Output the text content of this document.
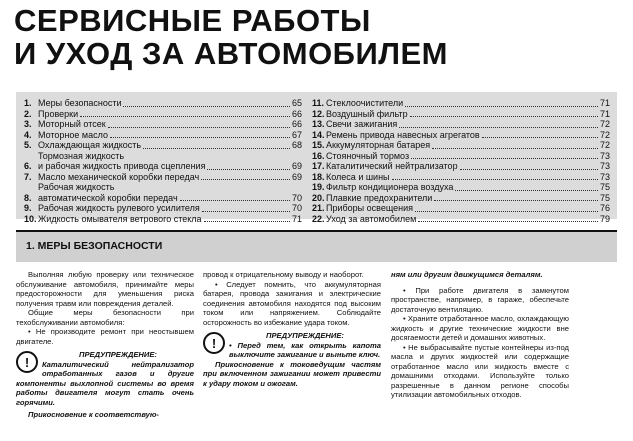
СЕРВИСНЫЕ РАБОТЫ
И УХОД ЗА АВТОМОБИЛЕМ
1. Меры безопасности	65
2. Проверки	66
3. Моторный отсек	66
4. Моторное масло	67
5. Охлаждающая жидкость	68
6.
Тормозная жидкость
и рабочая жидкость привода сцепления	69
7. Масло механической коробки передач	69
8.
Рабочая жидкость
автоматической коробки передач	70
9. Рабочая жидкость рулевого усилителя	70
10. Жидкость омывателя ветрового стекла	71
11. Стеклоочистители	71
12. Воздушный фильтр	71
13. Свечи зажигания	72
14. Ремень привода навесных агрегатов	72
15. Аккумуляторная батарея	72
16. Стояночный тормоз	73
17. Каталитический нейтрализатор	73
18. Колеса и шины	73
19. Фильтр кондиционера воздуха	75
20. Плавкие предохранители	75
21. Приборы освещения	76
22. Уход за автомобилем	79
1. МЕРЫ БЕЗОПАСНОСТИ

Выполняя любую проверку или техническое обслуживание автомобиля, принимайте меры предосторожности для уменьшения риска получения травм или повреждения деталей.

Общие меры безопасности при техобслуживании автомобиля:

• Не производите ремонт при неостывшем двигателе.

!	ПРЕДУПРЕЖДЕНИЕ:

Каталитический нейтрализатор отработанных газов и другие компоненты выхлопной системы во время работы двигателя могут стать очень горячими.

Прикосновение к соответствую-

провод к отрицательному выводу и наоборот.

• Следует помнить, что аккумуляторная батарея, провода зажигания и электрические соединения автомобиля находятся под высоким током или напряжением. Соблюдайте осторожность во избежание удара током.

!	ПРЕДУПРЕЖДЕНИЕ:

• Перед тем, как открыть капота выключите зажигание и выньте ключ.

Прикосновение к токоведущим частям при включенном зажигании может привести к удару током и ожогам.

ням или другим движущимся деталям.

• При работе двигателя в замкнутом пространстве, например, в гараже, обеспечьте достаточную вентиляцию.

• Храните отработанное масло, охлаждающую жидкость и другие технические жидкости вне досягаемости детей и домашних животных.

• Не выбрасывайте пустые контейнеры из-под масла и других жидкостей или содержащие отработанное масло или жидкость вместе с домашними отходами. Используйте только разрешенные в данном регионе способы утилизации автомобильных отходов.
